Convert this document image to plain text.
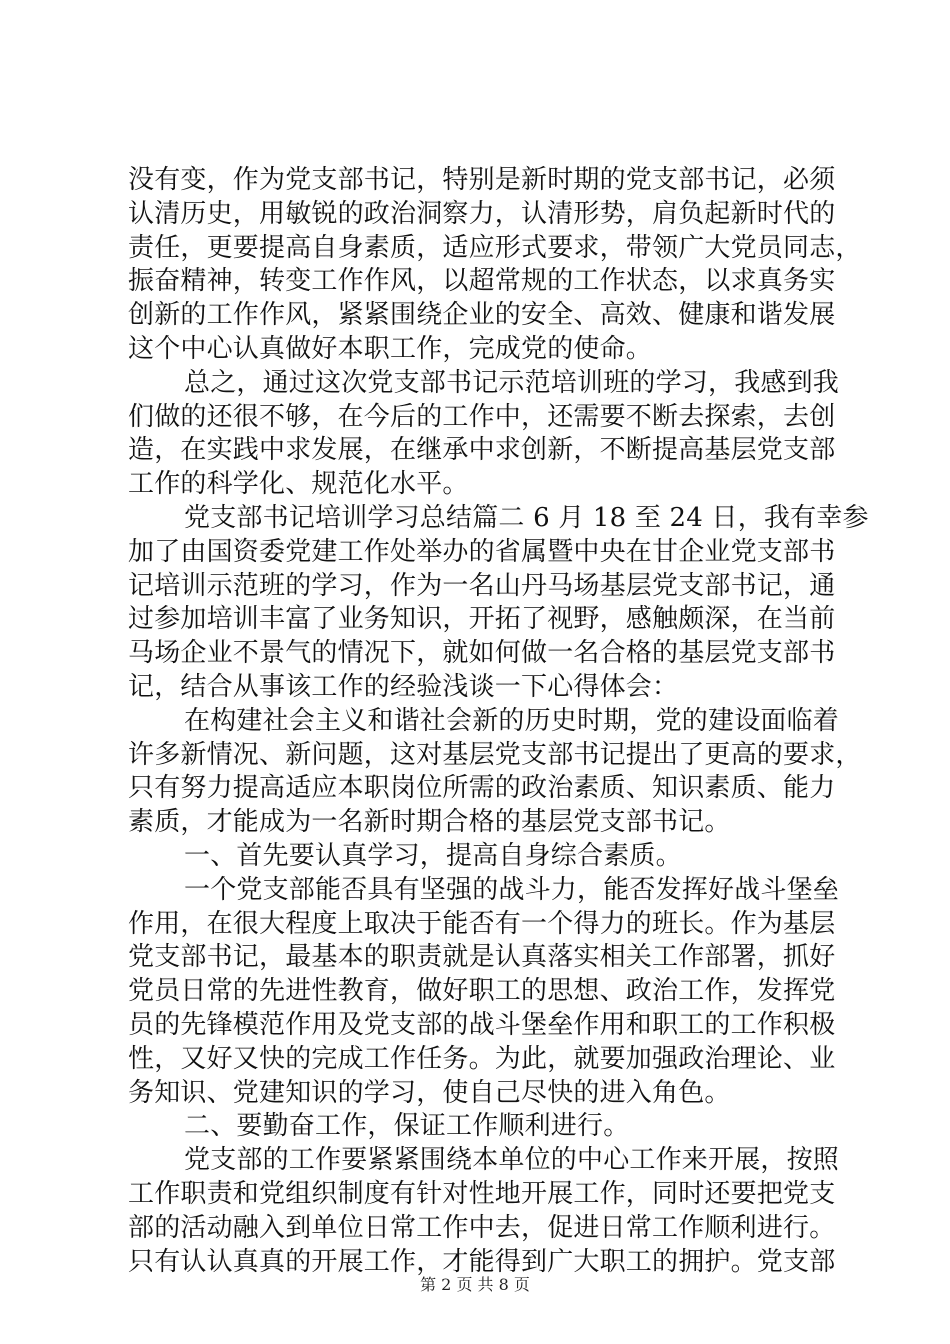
没有变，作为党支部书记，特别是新时期的党支部书记，必须
认清历史，用敏锐的政治洞察力，认清形势，肩负起新时代的
责任，更要提高自身素质，适应形式要求，带领广大党员同志，
振奋精神，转变工作作风，以超常规的工作状态，以求真务实
创新的工作作风，紧紧围绕企业的安全、高效、健康和谐发展
这个中心认真做好本职工作，完成党的使命。
总之，通过这次党支部书记示范培训班的学习，我感到我
们做的还很不够，在今后的工作中，还需要不断去探索，去创
造，在实践中求发展，在继承中求创新，不断提高基层党支部
工作的科学化、规范化水平。
党支部书记培训学习总结篇二 6 月 18 至 24 日，我有幸参
加了由国资委党建工作处举办的省属暨中央在甘企业党支部书
记培训示范班的学习，作为一名山丹马场基层党支部书记，通
过参加培训丰富了业务知识，开拓了视野，感触颇深，在当前
马场企业不景气的情况下，就如何做一名合格的基层党支部书
记，结合从事该工作的经验浅谈一下心得体会：
在构建社会主义和谐社会新的历史时期，党的建设面临着
许多新情况、新问题，这对基层党支部书记提出了更高的要求，
只有努力提高适应本职岗位所需的政治素质、知识素质、能力
素质，才能成为一名新时期合格的基层党支部书记。
一、首先要认真学习，提高自身综合素质。
一个党支部能否具有坚强的战斗力，能否发挥好战斗堡垒
作用，在很大程度上取决于能否有一个得力的班长。作为基层
党支部书记，最基本的职责就是认真落实相关工作部署，抓好
党员日常的先进性教育，做好职工的思想、政治工作，发挥党
员的先锋模范作用及党支部的战斗堡垒作用和职工的工作积极
性，又好又快的完成工作任务。为此，就要加强政治理论、业
务知识、党建知识的学习，使自己尽快的进入角色。
二、要勤奋工作，保证工作顺利进行。
党支部的工作要紧紧围绕本单位的中心工作来开展，按照
工作职责和党组织制度有针对性地开展工作，同时还要把党支
部的活动融入到单位日常工作中去，促进日常工作顺利进行。
只有认认真真的开展工作，才能得到广大职工的拥护。党支部
第 2 页 共 8 页
